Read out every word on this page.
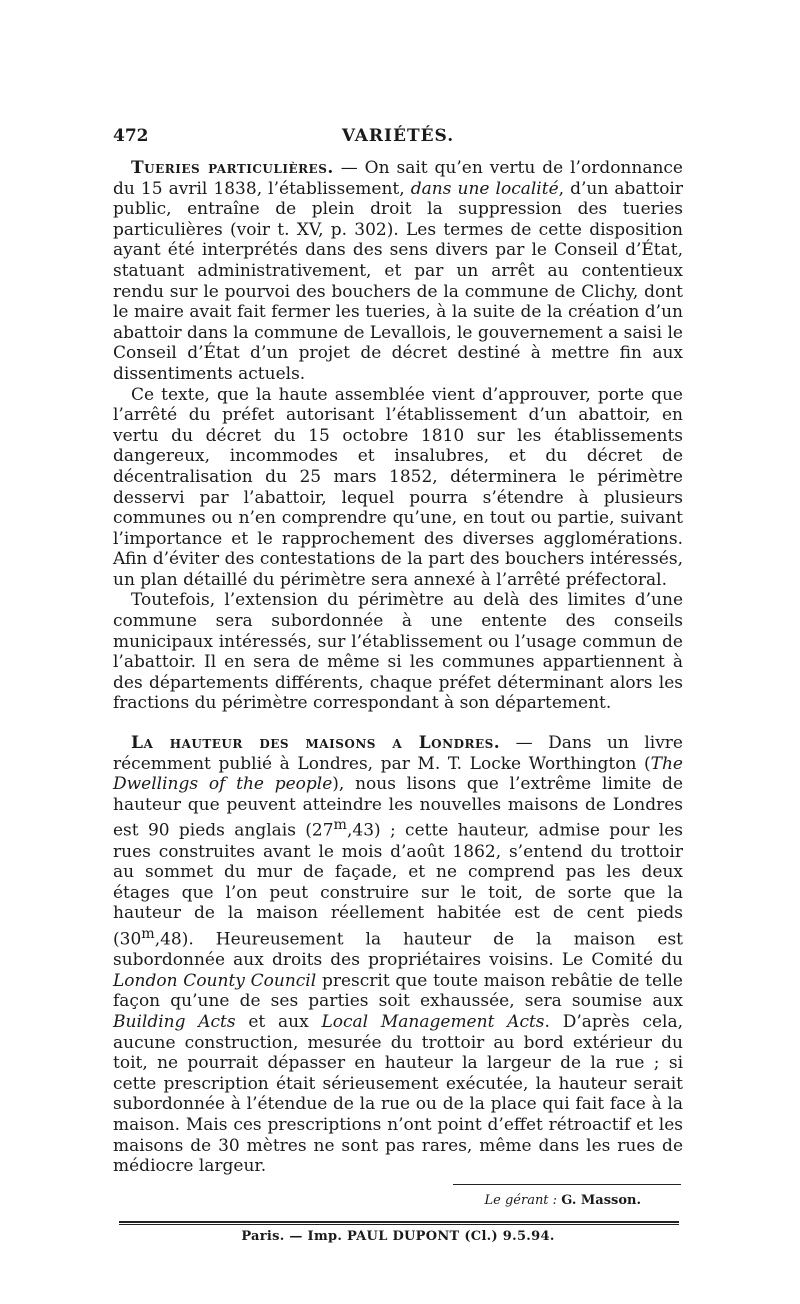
472	VARIÉTÉS.

Tueries particulières. — On sait qu’en vertu de l’ordonnance du 15 avril 1838, l’établissement, dans une localité, d’un abattoir public, entraîne de plein droit la suppression des tueries particulières (voir t. XV, p. 302). Les termes de cette disposition ayant été interprétés dans des sens divers par le Conseil d’État, statuant administrativement, et par un arrêt au contentieux rendu sur le pourvoi des bouchers de la commune de Clichy, dont le maire avait fait fermer les tueries, à la suite de la création d’un abattoir dans la commune de Levallois, le gouvernement a saisi le Conseil d’État d’un projet de décret destiné à mettre fin aux dissentiments actuels.

Ce texte, que la haute assemblée vient d’approuver, porte que l’arrêté du préfet autorisant l’établissement d’un abattoir, en vertu du décret du 15 octobre 1810 sur les établissements dangereux, incommodes et insalubres, et du décret de décentralisation du 25 mars 1852, déterminera le périmètre desservi par l’abattoir, lequel pourra s’étendre à plusieurs communes ou n’en comprendre qu’une, en tout ou partie, suivant l’importance et le rapprochement des diverses agglomérations. Afin d’éviter des contestations de la part des bouchers intéressés, un plan détaillé du périmètre sera annexé à l’arrêté préfectoral.

Toutefois, l’extension du périmètre au delà des limites d’une commune sera subordonnée à une entente des conseils municipaux intéressés, sur l’établissement ou l’usage commun de l’abattoir. Il en sera de même si les communes appartiennent à des départements différents, chaque préfet déterminant alors les fractions du périmètre correspondant à son département.

La hauteur des maisons a Londres. — Dans un livre récemment publié à Londres, par M. T. Locke Worthington (The Dwellings of the people), nous lisons que l’extrême limite de hauteur que peuvent atteindre les nouvelles maisons de Londres est 90 pieds anglais (27$^m$,43) ; cette hauteur, admise pour les rues construites avant le mois d’août 1862, s’entend du trottoir au sommet du mur de façade, et ne comprend pas les deux étages que l’on peut construire sur le toit, de sorte que la hauteur de la maison réellement habitée est de cent pieds (30$^m$,48). Heureusement la hauteur de la maison est subordonnée aux droits des propriétaires voisins. Le Comité du London County Council prescrit que toute maison rebâtie de telle façon qu’une de ses parties soit exhaussée, sera soumise aux Building Acts et aux Local Management Acts. D’après cela, aucune construction, mesurée du trottoir au bord extérieur du toit, ne pourrait dépasser en hauteur la largeur de la rue ; si cette prescription était sérieusement exécutée, la hauteur serait subordonnée à l’étendue de la rue ou de la place qui fait face à la maison. Mais ces prescriptions n’ont point d’effet rétroactif et les maisons de 30 mètres ne sont pas rares, même dans les rues de médiocre largeur.

Le gérant : G. Masson.
Paris. — Imp. PAUL DUPONT (Cl.) 9.5.94.
